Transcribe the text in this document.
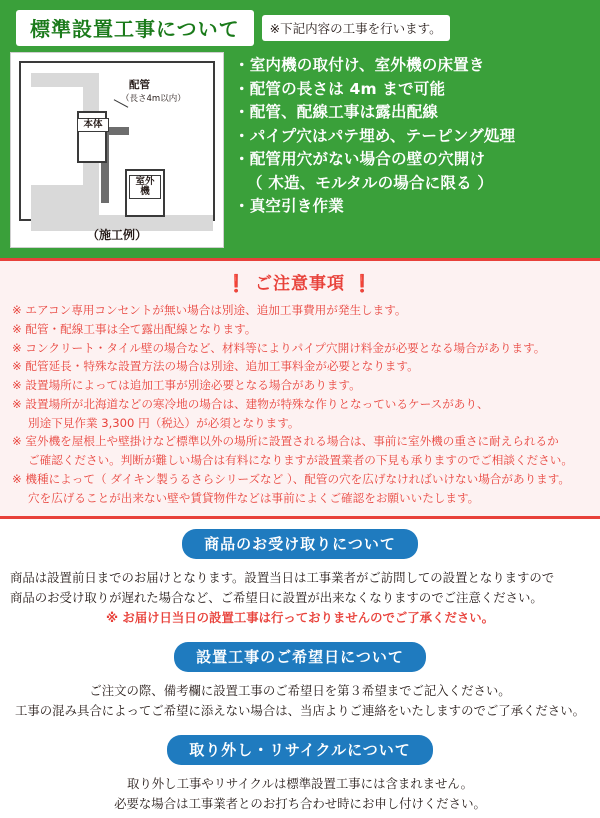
標準設置工事について	※下記内容の工事を行います。
本体
配管
（長さ4m以内）
室外機
（施工例）
・室内機の取付け、室外機の床置き
・配管の長さは 4m まで可能
・配管、配線工事は露出配線
・パイプ穴はパテ埋め、テーピング処理
・配管用穴がない場合の壁の穴開け
（ 木造、モルタルの場合に限る ）
・真空引き作業
❗ ご注意事項 ❗
※ エアコン専用コンセントが無い場合は別途、追加工事費用が発生します。
※ 配管・配線工事は全て露出配線となります。
※ コンクリート・タイル壁の場合など、材料等によりパイプ穴開け料金が必要となる場合があります。
※ 配管延長・特殊な設置方法の場合は別途、追加工事料金が必要となります。
※ 設置場所によっては追加工事が別途必要となる場合があります。
※ 設置場所が北海道などの寒冷地の場合は、建物が特殊な作りとなっているケースがあり、
別途下見作業 3,300 円（税込）が必須となります。
※ 室外機を屋根上や壁掛けなど標準以外の場所に設置される場合は、事前に室外機の重さに耐えられるか
ご確認ください。判断が難しい場合は有料になりますが設置業者の下見も承りますのでご相談ください。
※ 機種によって（ ダイキン製うるさらシリーズなど ）、配管の穴を広げなければいけない場合があります。
穴を広げることが出来ない壁や賃貸物件などは事前によくご確認をお願いいたします。
商品のお受け取りについて
商品は設置前日までのお届けとなります。設置当日は工事業者がご訪問しての設置となりますので
商品のお受け取りが遅れた場合など、ご希望日に設置が出来なくなりますのでご注意ください。
※ お届け日当日の設置工事は行っておりませんのでご了承ください。
設置工事のご希望日について
ご注文の際、備考欄に設置工事のご希望日を第３希望までご記入ください。
工事の混み具合によってご希望に添えない場合は、当店よりご連絡をいたしますのでご了承ください。
取り外し・リサイクルについて
取り外し工事やリサイクルは標準設置工事には含まれません。
必要な場合は工事業者とのお打ち合わせ時にお申し付けください。
